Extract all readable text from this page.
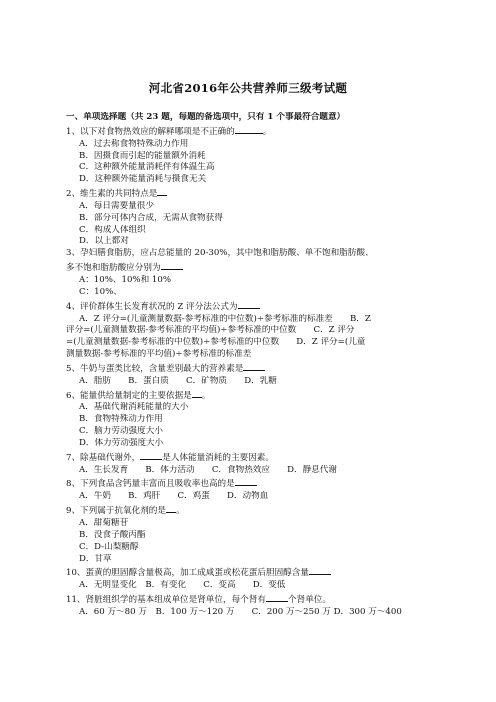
河北省2016年公共营养师三级考试题
一、单项选择题（共 23 题，每题的备选项中，只有 1 个事最符合题意）
1、以下对食物热效应的解释哪项是不正确的	。
A．过去称食物特殊动力作用
B．因摄食而引起的能量额外消耗
C．这种额外能量消耗伴有体温生高
D．这种额外能量消耗与摄食无关
2、维生素的共同特点是
A．每日需要量很少
B．部分可体内合成，无需从食物获得
C．构成人体组织
D．以上都对
3、孕妇膳食脂肪，应占总能量的 20-30%，其中饱和脂肪酸、单不饱和脂肪酸、
多不饱和脂肪酸应分别为
A：10%、10%和 10%
C：10%、
4、评价群体生长发育状况的 Z 评分法公式为
A．Z 评分=(儿童测量数据-参考标准的中位数)÷参考标准的标准差　　B．Z
评分=(儿童测量数据-参考标准的平均值)÷参考标准的中位数　　C．Z 评分
=(儿童测量数据-参考标准的中位数)÷参考标准的中位数　　D．Z 评分=(儿童
测量数据-参考标准的平均值)÷参考标准的标准差
5、牛奶与蛋类比较，含量差别最大的营养素是
A．脂肪　　B．蛋白质　　C．矿物质　　D．乳糖
6、能量供给量制定的主要依据是 。
A．基础代谢消耗能量的大小
B．食物特殊动力作用
C．脑力劳动强度大小
D．体力劳动强度大小
7、除基础代谢外，	是人体能量消耗的主要因素。
A．生长发育　　B．体力活动　　C．食物热效应　　D．静息代谢
8、下列食品含钙量丰富而且吸收率也高的是
A．牛奶　　B．鸡肝　　C．鸡蛋　　D．动物血
9、下列属于抗氧化剂的是 。
A．甜菊糖苷
B．没食子酸丙酯
C．D-山梨糖醇
D．甘草
10、蛋黄的胆固醇含量极高，加工成咸蛋或松花蛋后胆固醇含量
A．无明显变化　B．有变化　　C．变高　　D．变低
11、肾脏组织学的基本组成单位是肾单位，每个肾有	个肾单位。
A．60 万～80 万　B．100 万～120 万　　C．200 万～250 万 D．300 万～400
